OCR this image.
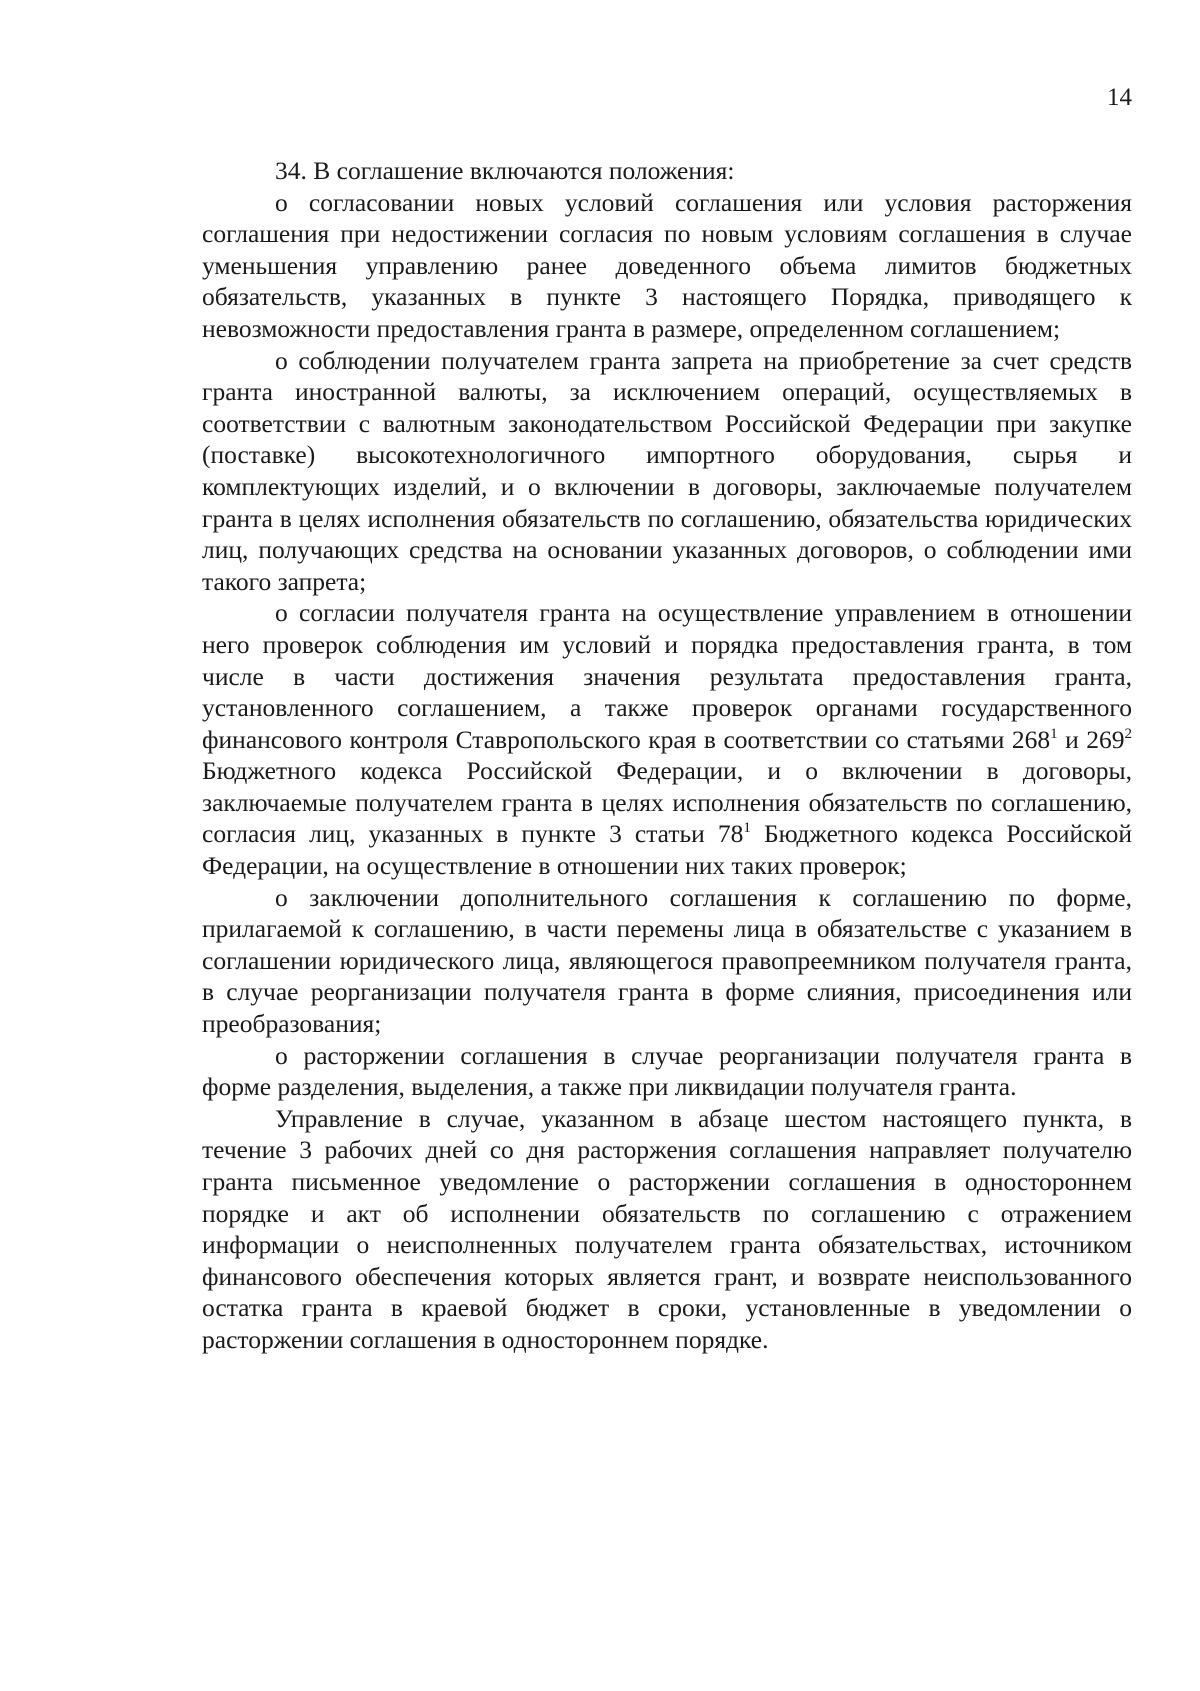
14

34. В соглашение включаются положения:

о согласовании новых условий соглашения или условия расторжения соглашения при недостижении согласия по новым условиям соглашения в случае уменьшения управлению ранее доведенного объема лимитов бюджетных обязательств, указанных в пункте 3 настоящего Порядка, приводящего к невозможности предоставления гранта в размере, определенном соглашением;

о соблюдении получателем гранта запрета на приобретение за счет средств гранта иностранной валюты, за исключением операций, осуществляемых в соответствии с валютным законодательством Российской Федерации при закупке (поставке) высокотехнологичного импортного оборудования, сырья и комплектующих изделий, и о включении в договоры, заключаемые получателем гранта в целях исполнения обязательств по соглашению, обязательства юридических лиц, получающих средства на основании указанных договоров, о соблюдении ими такого запрета;

о согласии получателя гранта на осуществление управлением в отношении него проверок соблюдения им условий и порядка предоставления гранта, в том числе в части достижения значения результата предоставления гранта, установленного соглашением, а также проверок органами государственного финансового контроля Ставропольского края в соответствии со статьями $268^1$ и $269^2$ Бюджетного кодекса Российской Федерации, и о включении в договоры, заключаемые получателем гранта в целях исполнения обязательств по соглашению, согласия лиц, указанных в пункте 3 статьи $78^1$ Бюджетного кодекса Российской Федерации, на осуществление в отношении них таких проверок;

о заключении дополнительного соглашения к соглашению по форме, прилагаемой к соглашению, в части перемены лица в обязательстве с указанием в соглашении юридического лица, являющегося правопреемником получателя гранта, в случае реорганизации получателя гранта в форме слияния, присоединения или преобразования;

о расторжении соглашения в случае реорганизации получателя гранта в форме разделения, выделения, а также при ликвидации получателя гранта.

Управление в случае, указанном в абзаце шестом настоящего пункта, в течение 3 рабочих дней со дня расторжения соглашения направляет получателю гранта письменное уведомление о расторжении соглашения в одностороннем порядке и акт об исполнении обязательств по соглашению с отражением информации о неисполненных получателем гранта обязательствах, источником финансового обеспечения которых является грант, и возврате неиспользованного остатка гранта в краевой бюджет в сроки, установленные в уведомлении о расторжении соглашения в одностороннем порядке.
